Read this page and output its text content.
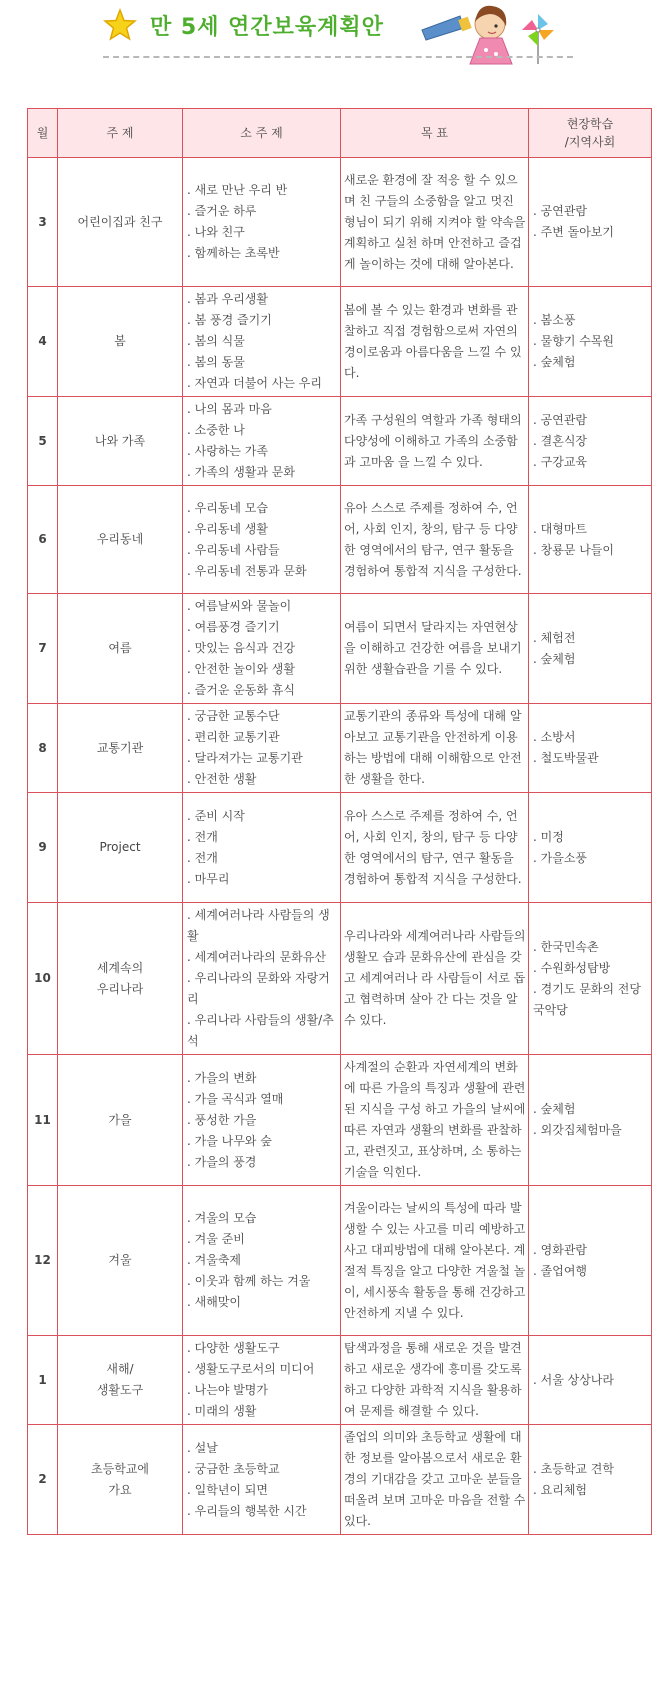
만 5세 연간보육계획안
월	주 제	소 주 제	목 표	현장학습
/지역사회
3	어린이집과 친구	. 새로 만난 우리 반
. 즐거운 하루
. 나와 친구
. 함께하는 초록반	새로운 환경에 잘 적응 할 수 있으며 친 구들의 소중함을 알고 멋진 형님이 되기 위해 지켜야 할 약속을 계획하고 실천 하며 안전하고 즐겁게 놀이하는 것에 대해 알아본다.	. 공연관람
. 주변 돌아보기

4	봄	. 봄과 우리생활
. 봄 풍경 즐기기
. 봄의 식물
. 봄의 동물
. 자연과 더불어 사는 우리	봄에 볼 수 있는 환경과 변화를 관찰하고 직접 경험함으로써 자연의 경이로움과 아름다움을 느낄 수 있다.	. 봄소풍
. 물향기 수목원
. 숲체험

5	나와 가족	. 나의 몸과 마음
. 소중한 나
. 사랑하는 가족
. 가족의 생활과 문화	가족 구성원의 역할과 가족 형태의 다양성에 이해하고 가족의 소중함과 고마움 을 느낄 수 있다.	. 공연관람
. 결혼식장
. 구강교육

6	우리동네	. 우리동네 모습
. 우리동네 생활
. 우리동네 사람들
. 우리동네 전통과 문화	유아 스스로 주제를 정하여 수, 언어, 사회 인지, 창의, 탐구 등 다양한 영역에서의 탐구, 연구 활동을 경험하여 통합적 지식을 구성한다.	. 대형마트
. 창룡문 나들이

7	여름	. 여름날씨와 물놀이
. 여름풍경 즐기기
. 맛있는 음식과 건강
. 안전한 놀이와 생활
. 즐거운 운동화 휴식	여름이 되면서 달라지는 자연현상을 이해하고 건강한 여름을 보내기 위한 생활습관을 기를 수 있다.	. 체험전
. 숲체험

8	교통기관	. 궁금한 교통수단
. 편리한 교통기관
. 달라져가는 교통기관
. 안전한 생활	교통기관의 종류와 특성에 대해 알아보고 교통기관을 안전하게 이용하는 방법에 대해 이해함으로 안전한 생활을 한다.	. 소방서
. 철도박물관

9	Project	. 준비 시작
. 전개
. 전개
. 마무리	유아 스스로 주제를 정하여 수, 언어, 사회 인지, 창의, 탐구 등 다양한 영역에서의 탐구, 연구 활동을 경험하여 통합적 지식을 구성한다.	. 미정
. 가을소풍

10	세계속의
우리나라	. 세계여러나라 사람들의 생활
. 세계여러나라의 문화유산
. 우리나라의 문화와 자랑거리
. 우리나라 사람들의 생활/추석	우리나라와 세계여러나라 사람들의 생활모 습과 문화유산에 관심을 갖고 세계여러나 라 사람들이 서로 돕고 협력하며 살아 간 다는 것을 알 수 있다.	. 한국민속촌
. 수원화성탐방
. 경기도 문화의 전당 국악당

11	가을	. 가을의 변화
. 가을 곡식과 열매
. 풍성한 가을
. 가을 나무와 숲
. 가을의 풍경	사계절의 순환과 자연세계의 변화에 따른 가을의 특징과 생활에 관련된 지식을 구성 하고 가을의 날씨에 따른 자연과 생활의 변화를 관찰하고, 관련짓고, 표상하며, 소 통하는 기술을 익힌다.	. 숲체험
. 외갓집체험마을

12	겨울	. 겨울의 모습
. 겨울 준비
. 겨울축제
. 이웃과 함께 하는 겨울
. 새해맞이	겨울이라는 날씨의 특성에 따라 발생할 수 있는 사고를 미리 예방하고 사고 대피방법에 대해 알아본다. 계절적 특징을 알고 다양한 겨울철 놀이, 세시풍속 활동을 통해 건강하고 안전하게 지낼 수 있다.	. 영화관람
. 졸업여행

1	새해/
생활도구	. 다양한 생활도구
. 생활도구로서의 미디어
. 나는야 발명가
. 미래의 생활	탐색과정을 통해 새로운 것을 발견하고 새로운 생각에 흥미를 갖도록 하고 다양한 과학적 지식을 활용하여 문제를 해결할 수 있다.	. 서울 상상나라

2	초등학교에
가요	. 설날
. 궁금한 초등학교
. 일학년이 되면
. 우리들의 행복한 시간	졸업의 의미와 초등학교 생활에 대한 정보를 알아봄으로서 새로운 환경의 기대감을 갖고 고마운 분들을 떠올려 보며 고마운 마음을 전할 수 있다.	. 초등학교 견학
. 요리체험
